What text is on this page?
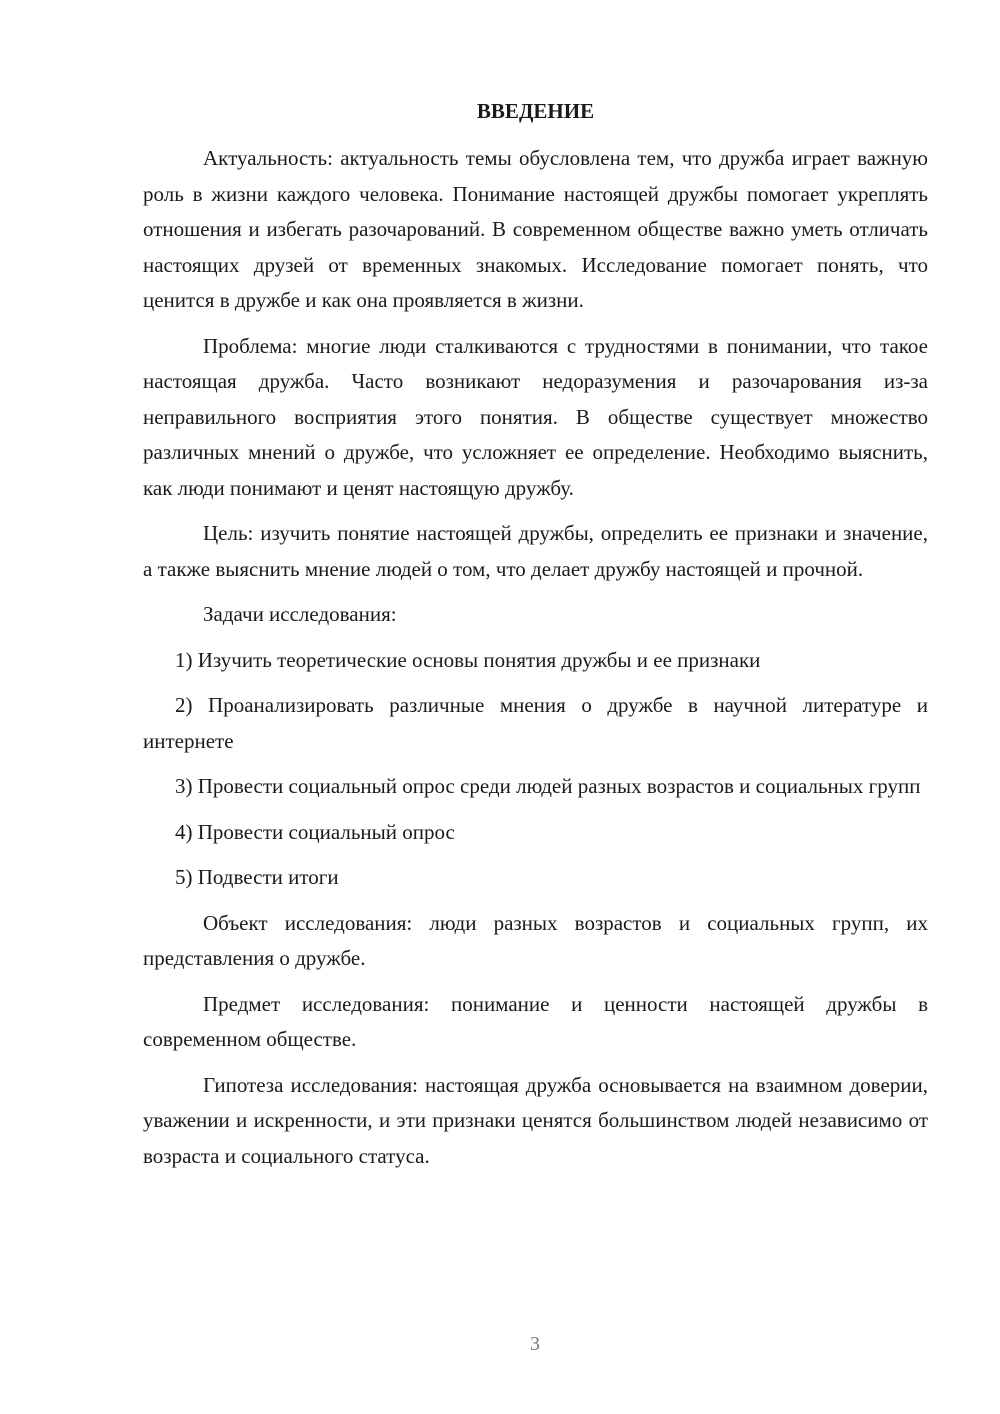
ВВЕДЕНИЕ

Актуальность: актуальность темы обусловлена тем, что дружба играет важную роль в жизни каждого человека. Понимание настоящей дружбы помогает укреплять отношения и избегать разочарований. В современном обществе важно уметь отличать настоящих друзей от временных знакомых. Исследование помогает понять, что ценится в дружбе и как она проявляется в жизни.

Проблема: многие люди сталкиваются с трудностями в понимании, что такое настоящая дружба. Часто возникают недоразумения и разочарования из-за неправильного восприятия этого понятия. В обществе существует множество различных мнений о дружбе, что усложняет ее определение. Необходимо выяснить, как люди понимают и ценят настоящую дружбу.

Цель: изучить понятие настоящей дружбы, определить ее признаки и значение, а также выяснить мнение людей о том, что делает дружбу настоящей и прочной.

Задачи исследования:

1) Изучить теоретические основы понятия дружбы и ее признаки

2) Проанализировать различные мнения о дружбе в научной литературе и интернете

3) Провести социальный опрос среди людей разных возрастов и социальных групп

4) Провести социальный опрос

5) Подвести итоги

Объект исследования: люди разных возрастов и социальных групп, их представления о дружбе.

Предмет исследования: понимание и ценности настоящей дружбы в современном обществе.

Гипотеза исследования: настоящая дружба основывается на взаимном доверии, уважении и искренности, и эти признаки ценятся большинством людей независимо от возраста и социального статуса.

3
